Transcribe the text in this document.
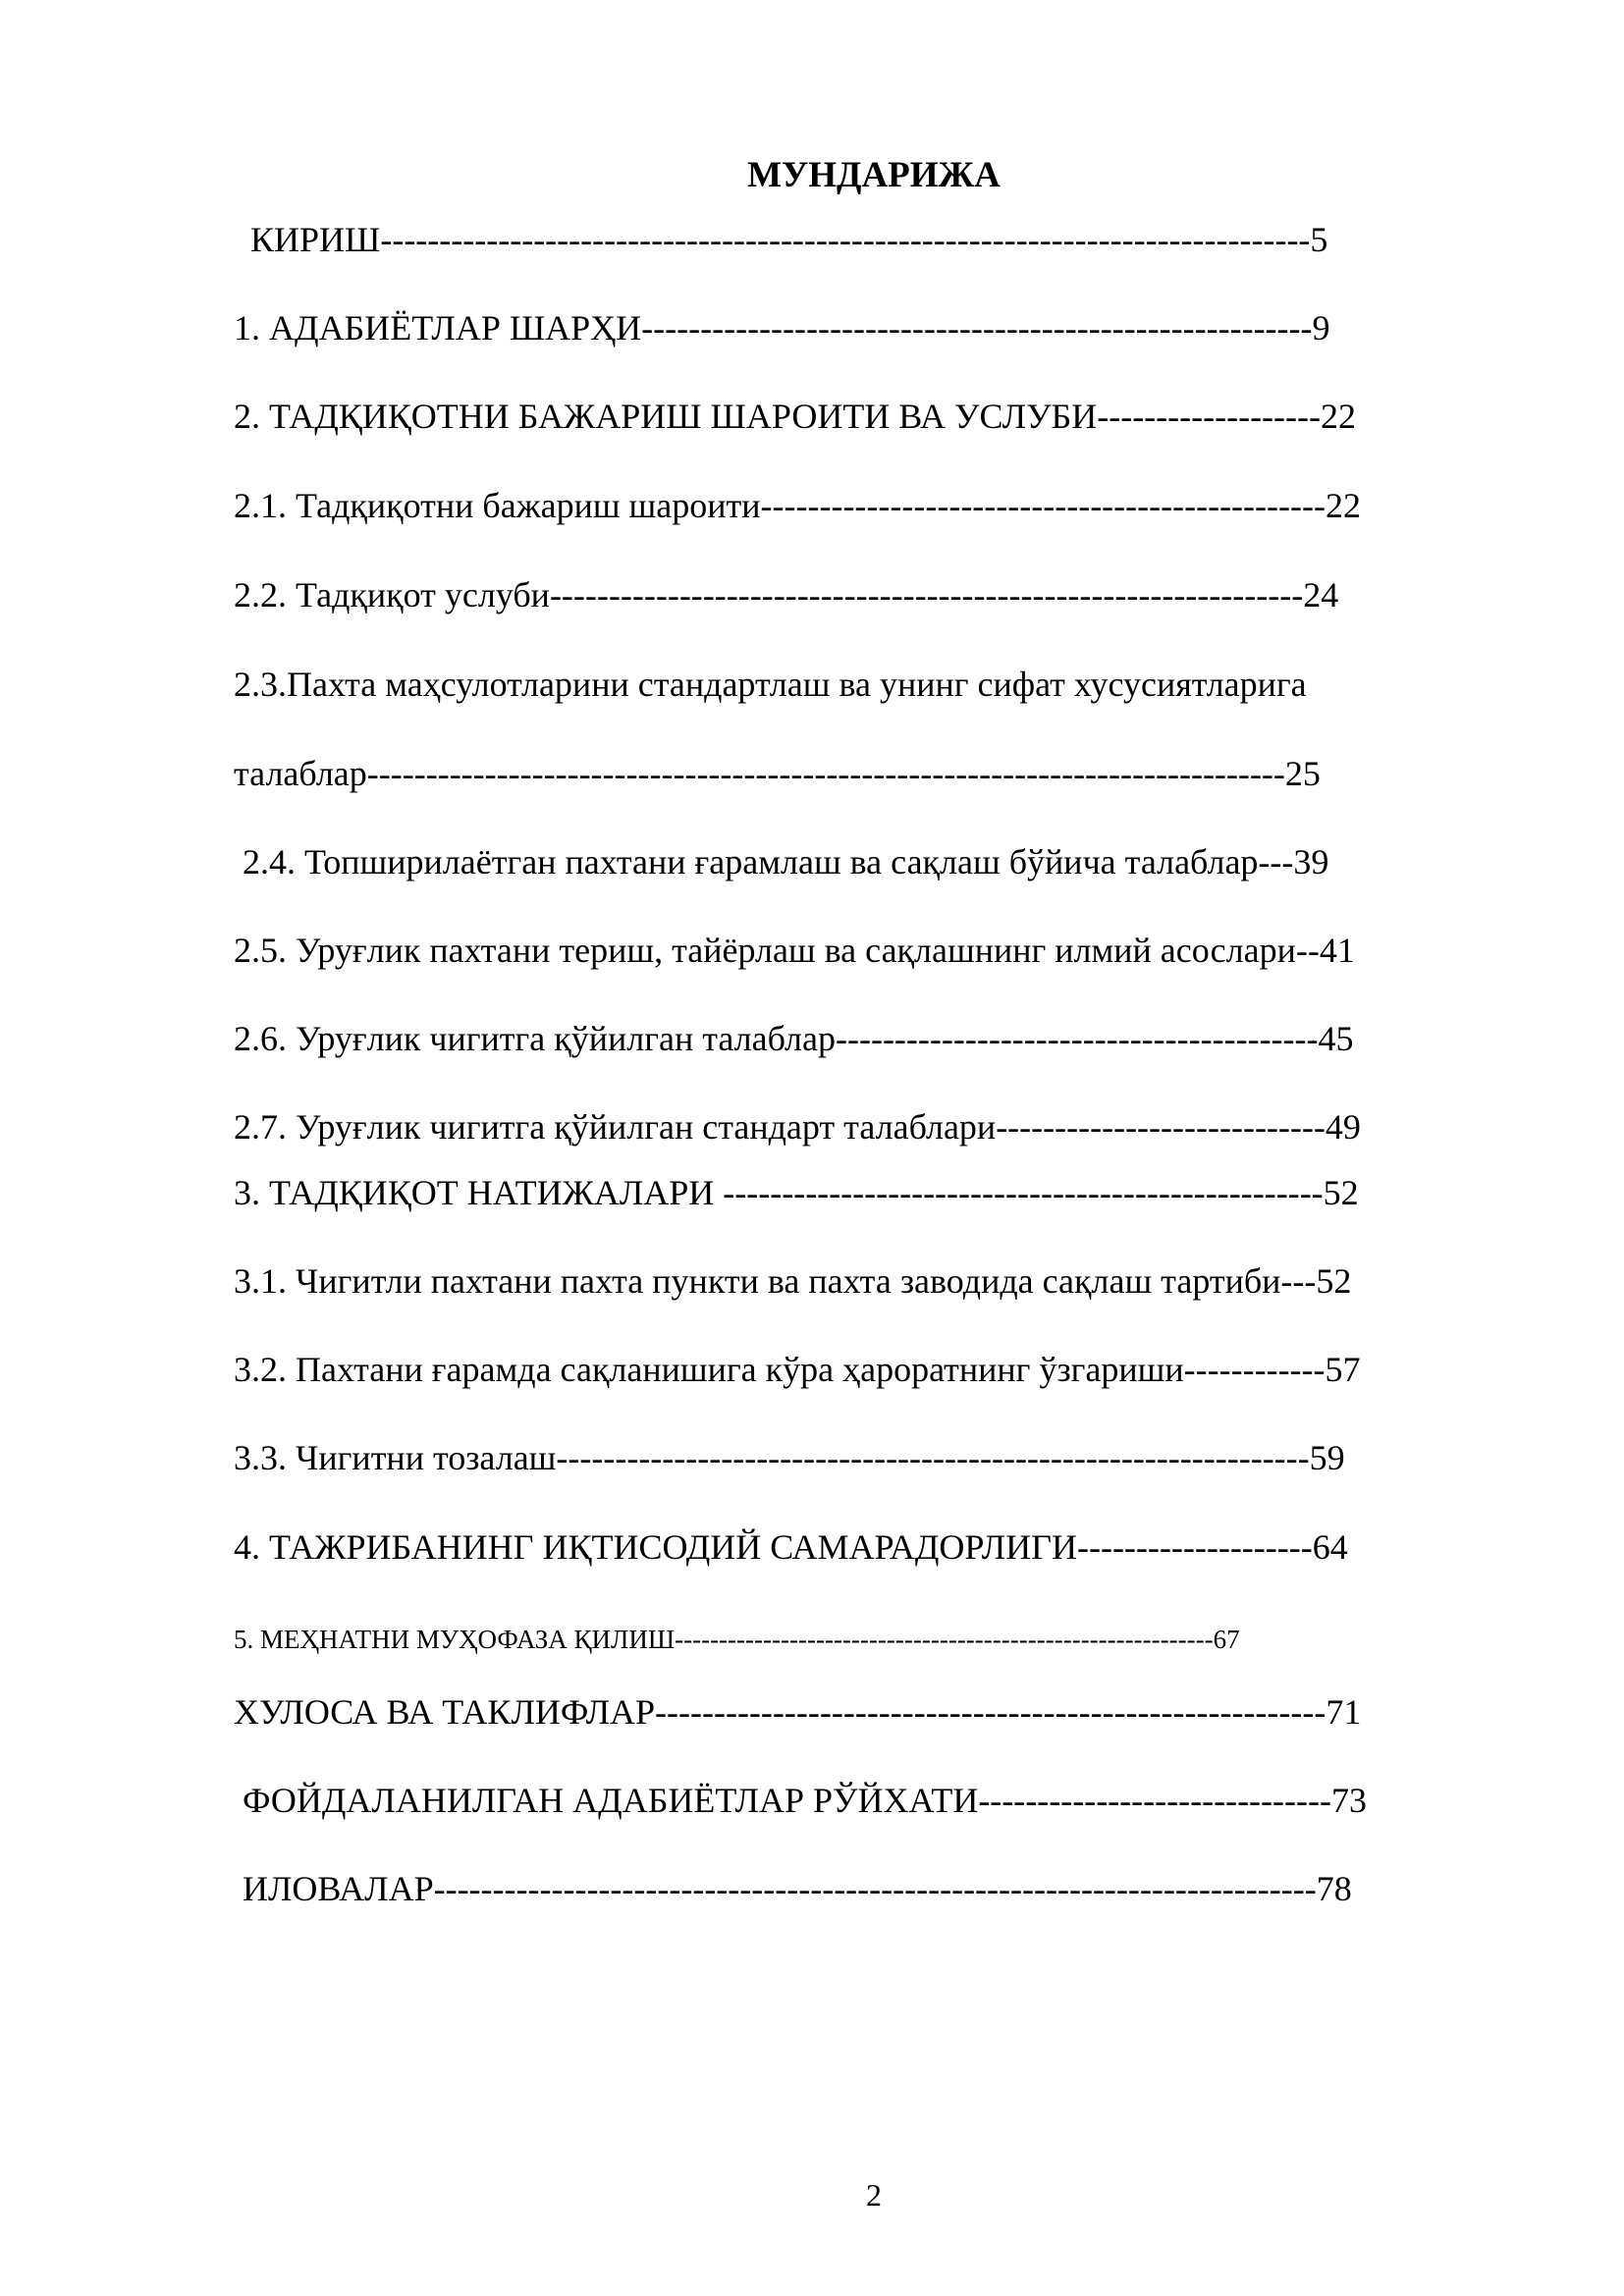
МУНДАРИЖА
КИРИШ-------------------------------------------------------------------------------5
1. АДАБИЁТЛАР ШАРҲИ---------------------------------------------------------9
2. ТАДҚИҚОТНИ БАЖАРИШ ШАРОИТИ ВА УСЛУБИ-------------------22
2.1. Тадқиқотни бажариш шароити------------------------------------------------22
2.2. Тадқиқот услуби----------------------------------------------------------------24
2.3.Пахта маҳсулотларини стандартлаш ва унинг сифат хусусиятларига
талаблар------------------------------------------------------------------------------25
2.4. Топширилаётган пахтани ғарамлаш ва сақлаш бўйича талаблар---39
2.5. Уруғлик пахтани териш, тайёрлаш ва сақлашнинг илмий асослари--41
2.6. Уруғлик чигитга қўйилган талаблар-----------------------------------------45
2.7. Уруғлик чигитга қўйилган стандарт талаблари----------------------------49
3. ТАДҚИҚОТ НАТИЖАЛАРИ ---------------------------------------------------52
3.1. Чигитли пахтани пахта пункти ва пахта заводида сақлаш тартиби---52
3.2. Пахтани ғарамда сақланишига кўра ҳароратнинг ўзгариши------------57
3.3. Чигитни тозалаш----------------------------------------------------------------59
4. ТАЖРИБАНИНГ ИҚТИСОДИЙ САМАРАДОРЛИГИ--------------------64
5. МЕҲНАТНИ МУҲОФАЗА ҚИЛИШ-------------------------------------------------------------67
ХУЛОСА ВА ТАКЛИФЛАР---------------------------------------------------------71
ФОЙДАЛАНИЛГАН АДАБИЁТЛАР РЎЙХАТИ------------------------------73
ИЛОВАЛАР---------------------------------------------------------------------------78
2
